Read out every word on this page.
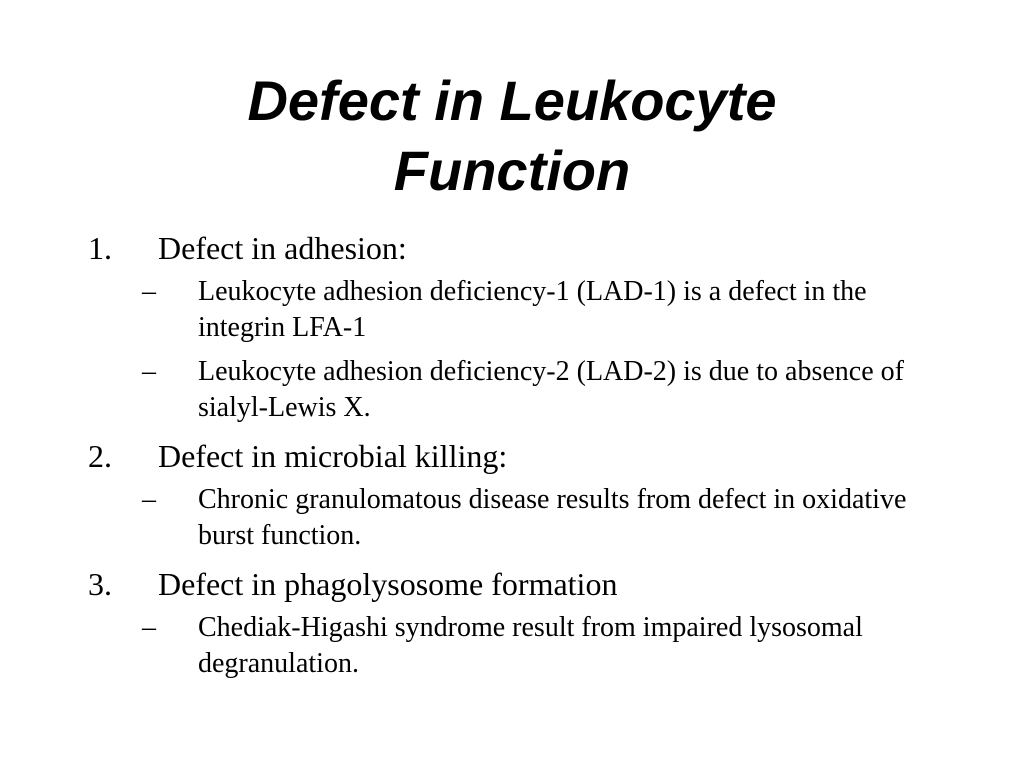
Defect in Leukocyte
Function
1. Defect in adhesion:
– Leukocyte adhesion deficiency-1 (LAD-1) is a defect in the integrin LFA-1
– Leukocyte adhesion deficiency-2 (LAD-2) is due to absence of sialyl-Lewis X.
2. Defect in microbial killing:
– Chronic granulomatous disease results from defect in oxidative burst function.
3. Defect in phagolysosome formation
– Chediak-Higashi syndrome result from impaired lysosomal degranulation.
